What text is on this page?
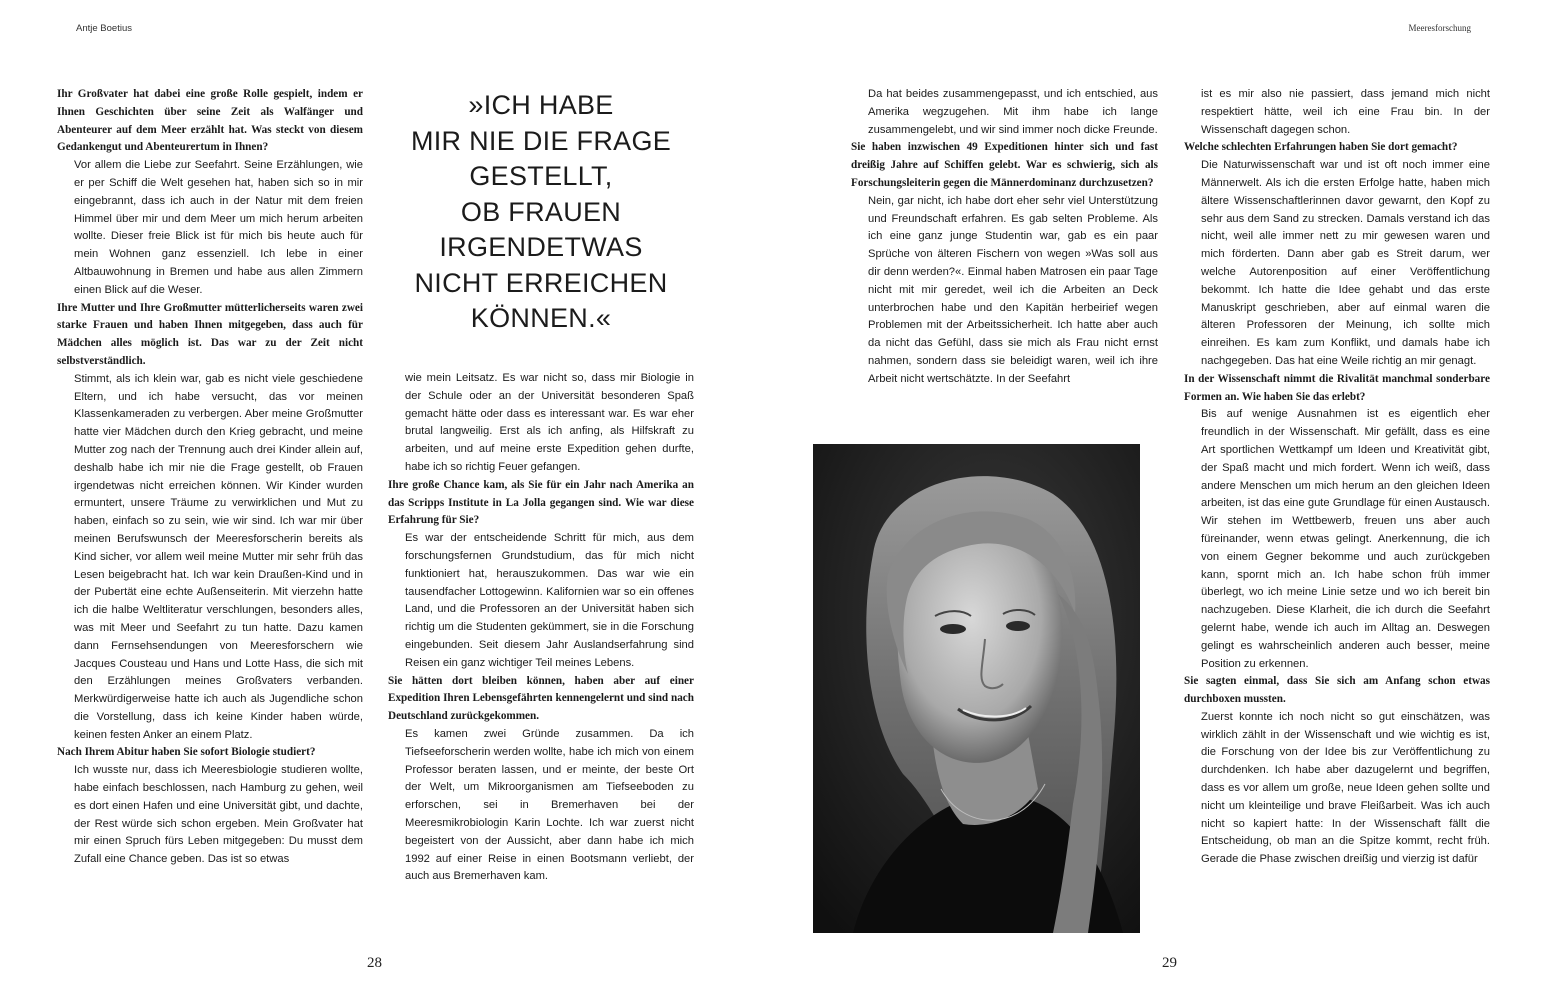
Antje Boetius	Meeresforschung

Ihr Großvater hat dabei eine große Rolle gespielt, indem er Ihnen Geschichten über seine Zeit als Walfänger und Abenteurer auf dem Meer erzählt hat. Was steckt von diesem Gedankengut und Abenteurertum in Ihnen?

Vor allem die Liebe zur Seefahrt. Seine Erzählungen, wie er per Schiff die Welt gesehen hat, haben sich so in mir eingebrannt, dass ich auch in der Natur mit dem freien Himmel über mir und dem Meer um mich herum arbeiten wollte. Dieser freie Blick ist für mich bis heute auch für mein Wohnen ganz essenziell. Ich lebe in einer Altbauwohnung in Bremen und habe aus allen Zimmern einen Blick auf die Weser.

Ihre Mutter und Ihre Großmutter mütterlicherseits waren zwei starke Frauen und haben Ihnen mitgegeben, dass auch für Mädchen alles möglich ist. Das war zu der Zeit nicht selbstverständlich.

Stimmt, als ich klein war, gab es nicht viele geschiedene Eltern, und ich habe versucht, das vor meinen Klassenkameraden zu verbergen. Aber meine Großmutter hatte vier Mädchen durch den Krieg gebracht, und meine Mutter zog nach der Trennung auch drei Kinder allein auf, deshalb habe ich mir nie die Frage gestellt, ob Frauen irgendetwas nicht erreichen können. Wir Kinder wurden ermuntert, unsere Träume zu verwirklichen und Mut zu haben, einfach so zu sein, wie wir sind. Ich war mir über meinen Berufswunsch der Meeresforscherin bereits als Kind sicher, vor allem weil meine Mutter mir sehr früh das Lesen beigebracht hat. Ich war kein Draußen-Kind und in der Pubertät eine echte Außenseiterin. Mit vierzehn hatte ich die halbe Weltliteratur verschlungen, besonders alles, was mit Meer und Seefahrt zu tun hatte. Dazu kamen dann Fernsehsendungen von Meeresforschern wie Jacques Cousteau und Hans und Lotte Hass, die sich mit den Erzählungen meines Großvaters verbanden. Merkwürdigerweise hatte ich auch als Jugendliche schon die Vorstellung, dass ich keine Kinder haben würde, keinen festen Anker an einem Platz.

Nach Ihrem Abitur haben Sie sofort Biologie studiert?

Ich wusste nur, dass ich Meeresbiologie studieren wollte, habe einfach beschlossen, nach Hamburg zu gehen, weil es dort einen Hafen und eine Universität gibt, und dachte, der Rest würde sich schon ergeben. Mein Großvater hat mir einen Spruch fürs Leben mitgegeben: Du musst dem Zufall eine Chance geben. Das ist so etwas

»ICH HABE
MIR NIE DIE FRAGE
GESTELLT,
OB FRAUEN
IRGENDETWAS
NICHT ERREICHEN
KÖNNEN.«

wie mein Leitsatz. Es war nicht so, dass mir Biologie in der Schule oder an der Universität besonderen Spaß gemacht hätte oder dass es interessant war. Es war eher brutal langweilig. Erst als ich anfing, als Hilfskraft zu arbeiten, und auf meine erste Expedition gehen durfte, habe ich so richtig Feuer gefangen.

Ihre große Chance kam, als Sie für ein Jahr nach Amerika an das Scripps Institute in La Jolla gegangen sind. Wie war diese Erfahrung für Sie?

Es war der entscheidende Schritt für mich, aus dem forschungsfernen Grundstudium, das für mich nicht funktioniert hat, herauszukommen. Das war wie ein tausendfacher Lottogewinn. Kalifornien war so ein offenes Land, und die Professoren an der Universität haben sich richtig um die Studenten gekümmert, sie in die Forschung eingebunden. Seit diesem Jahr Auslandserfahrung sind Reisen ein ganz wichtiger Teil meines Lebens.

Sie hätten dort bleiben können, haben aber auf einer Expedition Ihren Lebensgefährten kennengelernt und sind nach Deutschland zurückgekommen.

Es kamen zwei Gründe zusammen. Da ich Tiefseeforscherin werden wollte, habe ich mich von einem Professor beraten lassen, und er meinte, der beste Ort der Welt, um Mikroorganismen am Tiefseeboden zu erforschen, sei in Bremerhaven bei der Meeresmikrobiologin Karin Lochte. Ich war zuerst nicht begeistert von der Aussicht, aber dann habe ich mich 1992 auf einer Reise in einen Bootsmann verliebt, der auch aus Bremerhaven kam.

Da hat beides zusammengepasst, und ich entschied, aus Amerika wegzugehen. Mit ihm habe ich lange zusammengelebt, und wir sind immer noch dicke Freunde.

Sie haben inzwischen 49 Expeditionen hinter sich und fast dreißig Jahre auf Schiffen gelebt. War es schwierig, sich als Forschungsleiterin gegen die Männerdominanz durchzusetzen?

Nein, gar nicht, ich habe dort eher sehr viel Unterstützung und Freundschaft erfahren. Es gab selten Probleme. Als ich eine ganz junge Studentin war, gab es ein paar Sprüche von älteren Fischern von wegen »Was soll aus dir denn werden?«. Einmal haben Matrosen ein paar Tage nicht mit mir geredet, weil ich die Arbeiten an Deck unterbrochen habe und den Kapitän herbeirief wegen Problemen mit der Arbeitssicherheit. Ich hatte aber auch da nicht das Gefühl, dass sie mich als Frau nicht ernst nahmen, sondern dass sie beleidigt waren, weil ich ihre Arbeit nicht wertschätzte. In der Seefahrt

ist es mir also nie passiert, dass jemand mich nicht respektiert hätte, weil ich eine Frau bin. In der Wissenschaft dagegen schon.

Welche schlechten Erfahrungen haben Sie dort gemacht?

Die Naturwissenschaft war und ist oft noch immer eine Männerwelt. Als ich die ersten Erfolge hatte, haben mich ältere Wissenschaftlerinnen davor gewarnt, den Kopf zu sehr aus dem Sand zu strecken. Damals verstand ich das nicht, weil alle immer nett zu mir gewesen waren und mich förderten. Dann aber gab es Streit darum, wer welche Autorenposition auf einer Veröffentlichung bekommt. Ich hatte die Idee gehabt und das erste Manuskript geschrieben, aber auf einmal waren die älteren Professoren der Meinung, ich sollte mich einreihen. Es kam zum Konflikt, und damals habe ich nachgegeben. Das hat eine Weile richtig an mir genagt.

In der Wissenschaft nimmt die Rivalität manchmal sonderbare Formen an. Wie haben Sie das erlebt?

Bis auf wenige Ausnahmen ist es eigentlich eher freundlich in der Wissenschaft. Mir gefällt, dass es eine Art sportlichen Wettkampf um Ideen und Kreativität gibt, der Spaß macht und mich fordert. Wenn ich weiß, dass andere Menschen um mich herum an den gleichen Ideen arbeiten, ist das eine gute Grundlage für einen Austausch. Wir stehen im Wettbewerb, freuen uns aber auch füreinander, wenn etwas gelingt. Anerkennung, die ich von einem Gegner bekomme und auch zurückgeben kann, spornt mich an. Ich habe schon früh immer überlegt, wo ich meine Linie setze und wo ich bereit bin nachzugeben. Diese Klarheit, die ich durch die Seefahrt gelernt habe, wende ich auch im Alltag an. Deswegen gelingt es wahrscheinlich anderen auch besser, meine Position zu erkennen.

Sie sagten einmal, dass Sie sich am Anfang schon etwas durchboxen mussten.

Zuerst konnte ich noch nicht so gut einschätzen, was wirklich zählt in der Wissenschaft und wie wichtig es ist, die Forschung von der Idee bis zur Veröffentlichung zu durchdenken. Ich habe aber dazugelernt und begriffen, dass es vor allem um große, neue Ideen gehen sollte und nicht um kleinteilige und brave Fleißarbeit. Was ich auch nicht so kapiert hatte: In der Wissenschaft fällt die Entscheidung, ob man an die Spitze kommt, recht früh. Gerade die Phase zwischen dreißig und vierzig ist dafür

28	29
